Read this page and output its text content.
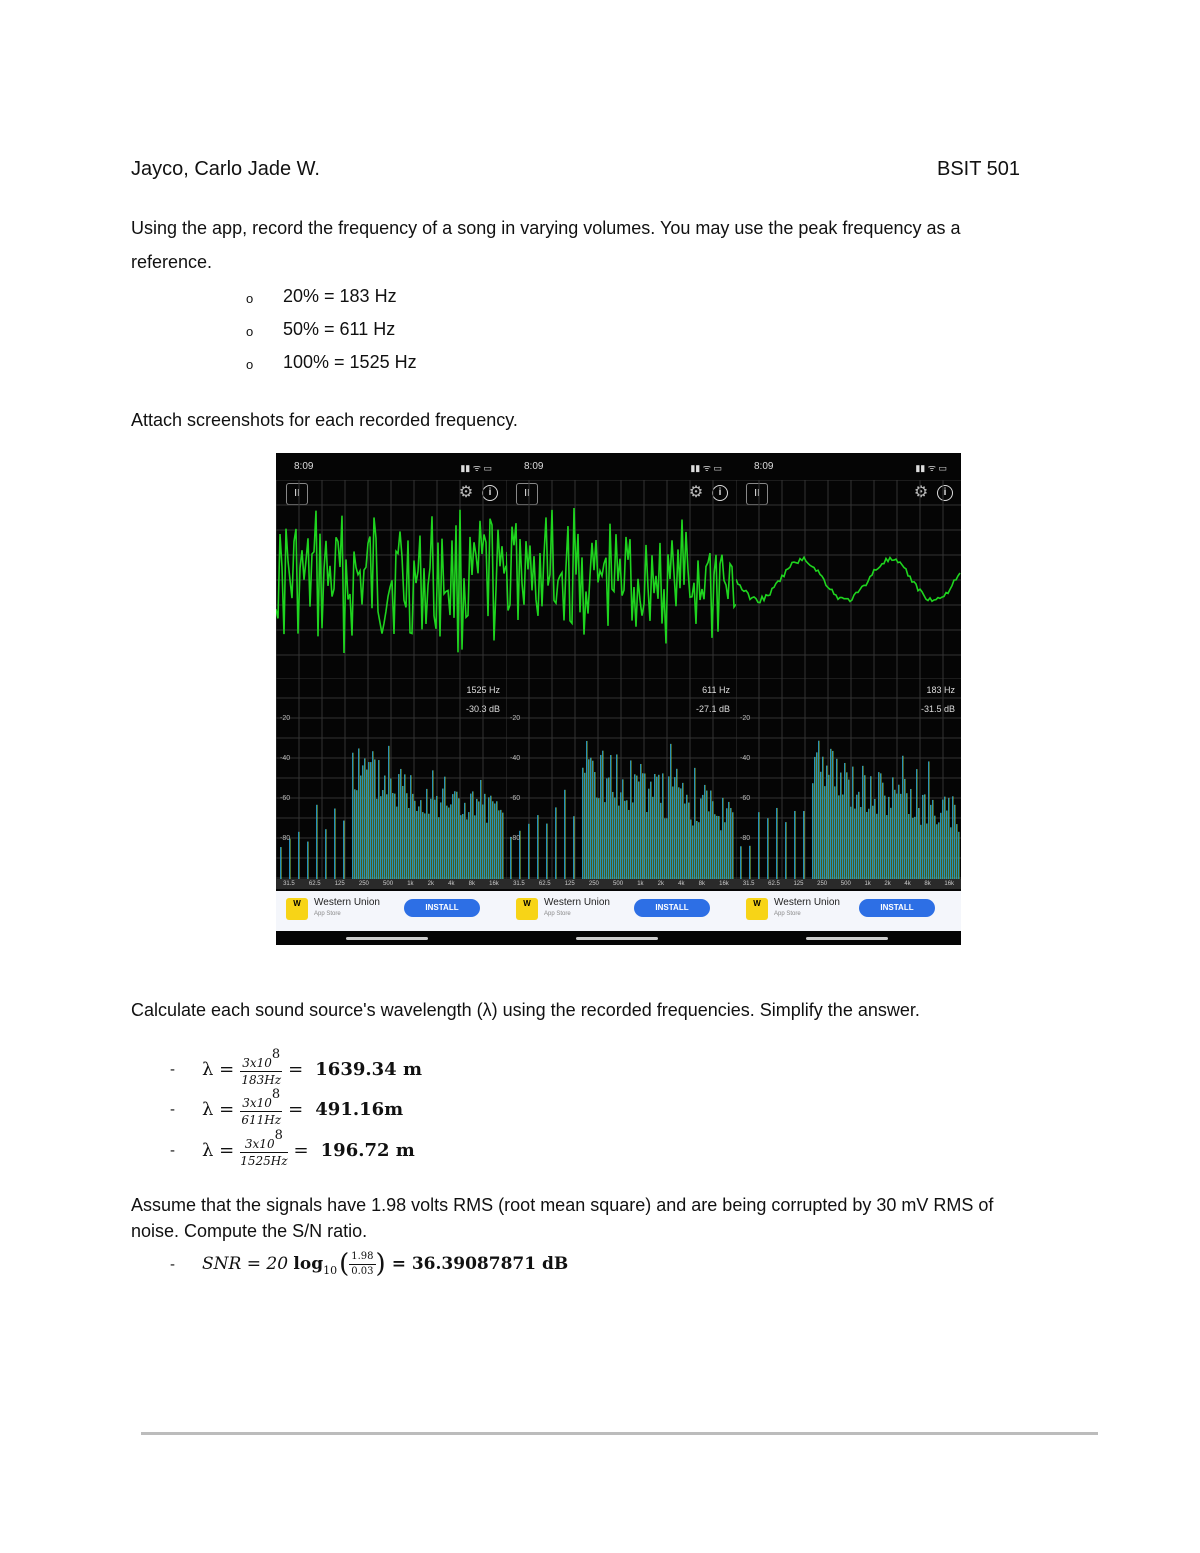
Jayco, Carlo Jade W.	BSIT 501
Using the app, record the frequency of a song in varying volumes. You may use the peak frequency as a
reference.
o 20% = 183 Hz
o 50% = 611 Hz
o 100% = 1525 Hz
Attach screenshots for each recorded frequency.
8:09	▮▮ ᯤ ▭
II	⚙	i
1525 Hz
-30.3 dB
-20
-40
-60
-80
31.5 62.5 125 250 500 1k 2k 4k 8k 16k
W	Western Union
App Store
INSTALL
8:09	▮▮ ᯤ ▭
II	⚙	i
611 Hz
-27.1 dB
-20
-40
-60
-80
31.5 62.5 125 250 500 1k 2k 4k 8k 16k
W	Western Union
App Store
INSTALL
8:09	▮▮ ᯤ ▭
II	⚙	i
183 Hz
-31.5 dB
-20
-40
-60
-80
31.5 62.5 125 250 500 1k 2k 4k 8k 16k
W	Western Union
App Store
INSTALL
Calculate each sound source's wavelength (λ) using the recorded frequencies. Simplify the answer.
-	$\lambda = \frac{3x10^8}{183Hz} = 1639.34$ m
-	$\lambda = \frac{3x10^8}{611Hz} = 491.16m$
-	$\lambda = \frac{3x10^8}{1525Hz} = 196.72$ m
Assume that the signals have 1.98 volts RMS (root mean square) and are being corrupted by 30 mV RMS of
noise. Compute the S/N ratio.
-	SNR = 20 log 10 ( $\frac{1.98}{0.03}$ ) = 36.39087871 dB
